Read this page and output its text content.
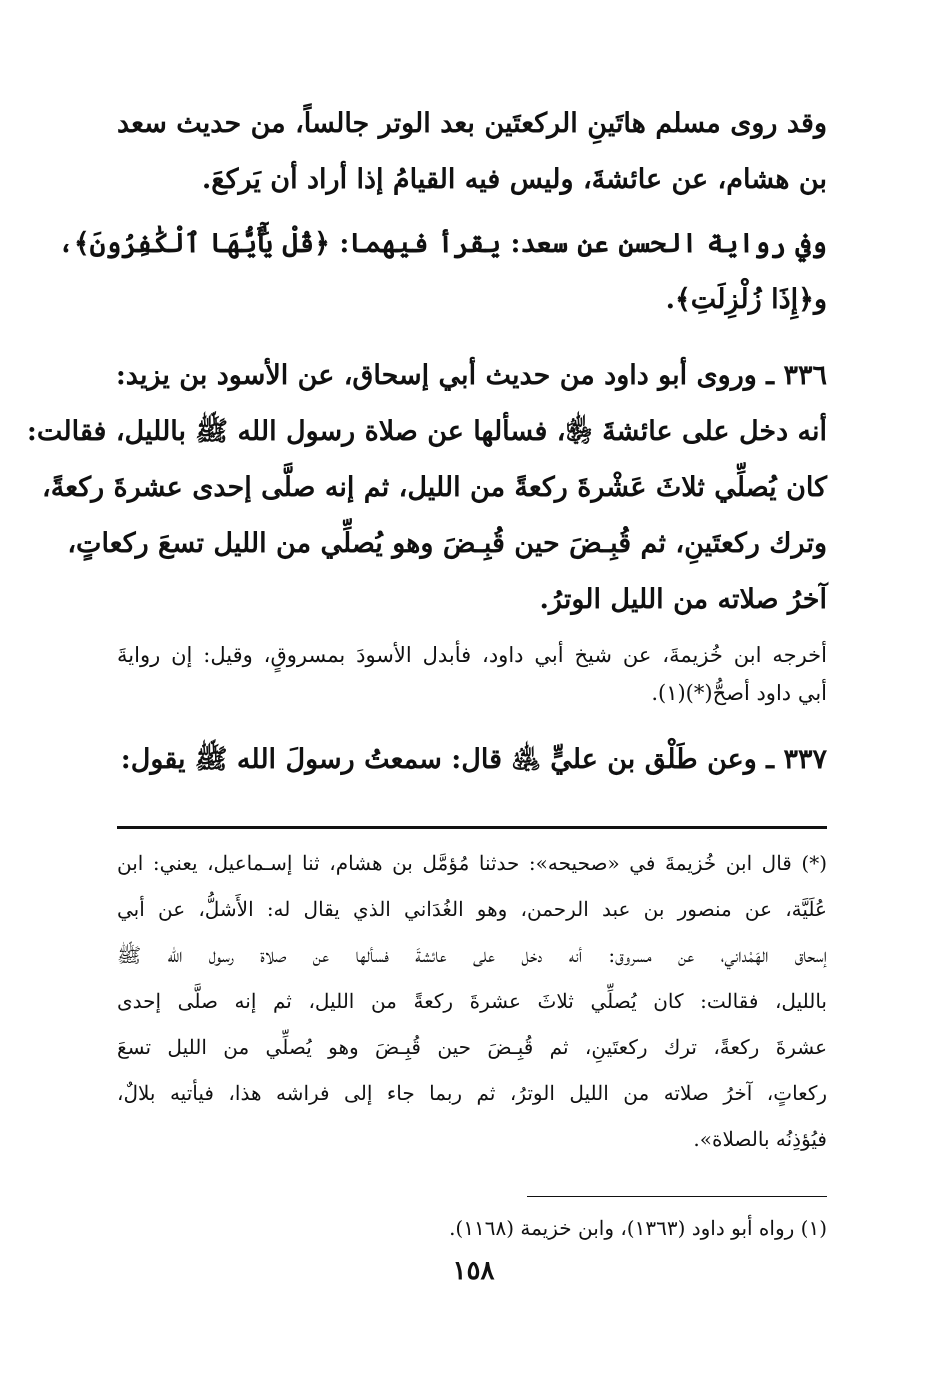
وقد روى مسلم هاتَينِ الركعتَين بعد الوتر جالساً، من حديث سعد
بن هشام، عن عائشةَ، وليس فيه القيامُ إذا أراد أن يَركعَ.
وفي رواية الحسن عن سعد: يقرأ فيهما: ﴿قُلْ يَٰٓأَيُّهَا ٱلْكَٰفِرُونَ﴾،
و﴿إِذَا زُلْزِلَتِ﴾.
٣٣٦ ـ وروى أبو داود من حديث أبي إسحاق، عن الأسود بن يزيد:
أنه دخل على عائشةَ ﵂، فسألها عن صلاة رسول الله ﷺ بالليل، فقالت:
كان يُصلِّي ثلاثَ عَشْرةَ ركعةً من الليل، ثم إنه صلَّى إحدى عشرةَ ركعةً،
وترك ركعتَينِ، ثم قُبِـضَ حين قُبِـضَ وهو يُصلِّي من الليل تسعَ ركعاتٍ،
آخرُ صلاته من الليل الوترُ.
أخرجه ابن خُزيمةَ، عن شيخ أبي داود، فأبدل الأسودَ بمسروقٍ، وقيل: إن روايةَ
أبي داود أصحُّ(*)(١).
٣٣٧ ـ وعن طَلْق بن عليٍّ ﵁ قال: سمعتُ رسولَ الله ﷺ يقول:
(*) قال ابن خُزيمةَ في «صحيحه»: حدثنا مُؤمَّل بن هشام، ثنا إسـماعيل، يعني: ابن
عُلَيَّة، عن منصور بن عبد الرحمن، وهو الغُدَاني الذي يقال له: الأَشلُّ، عن أبي
إسحاق الهَمْداني، عن مسروق: أنه دخل على عائشةَ فسألها عن صلاة رسول الله ﷺ
بالليل، فقالت: كان يُصلِّي ثلاثَ عشرةَ ركعةً من الليل، ثم إنه صلَّى إحدى
عشرةَ ركعةً، ترك ركعتَينِ، ثم قُبِـضَ حين قُبِـضَ وهو يُصلِّي من الليل تسعَ
ركعاتٍ، آخرُ صلاته من الليل الوترُ، ثم ربما جاء إلى فراشه هذا، فيأتيه بلالٌ،
فيُؤذِنُه بالصلاة».
(١) رواه أبو داود (١٣٦٣)، وابن خزيمة (١١٦٨).
١٥٨
